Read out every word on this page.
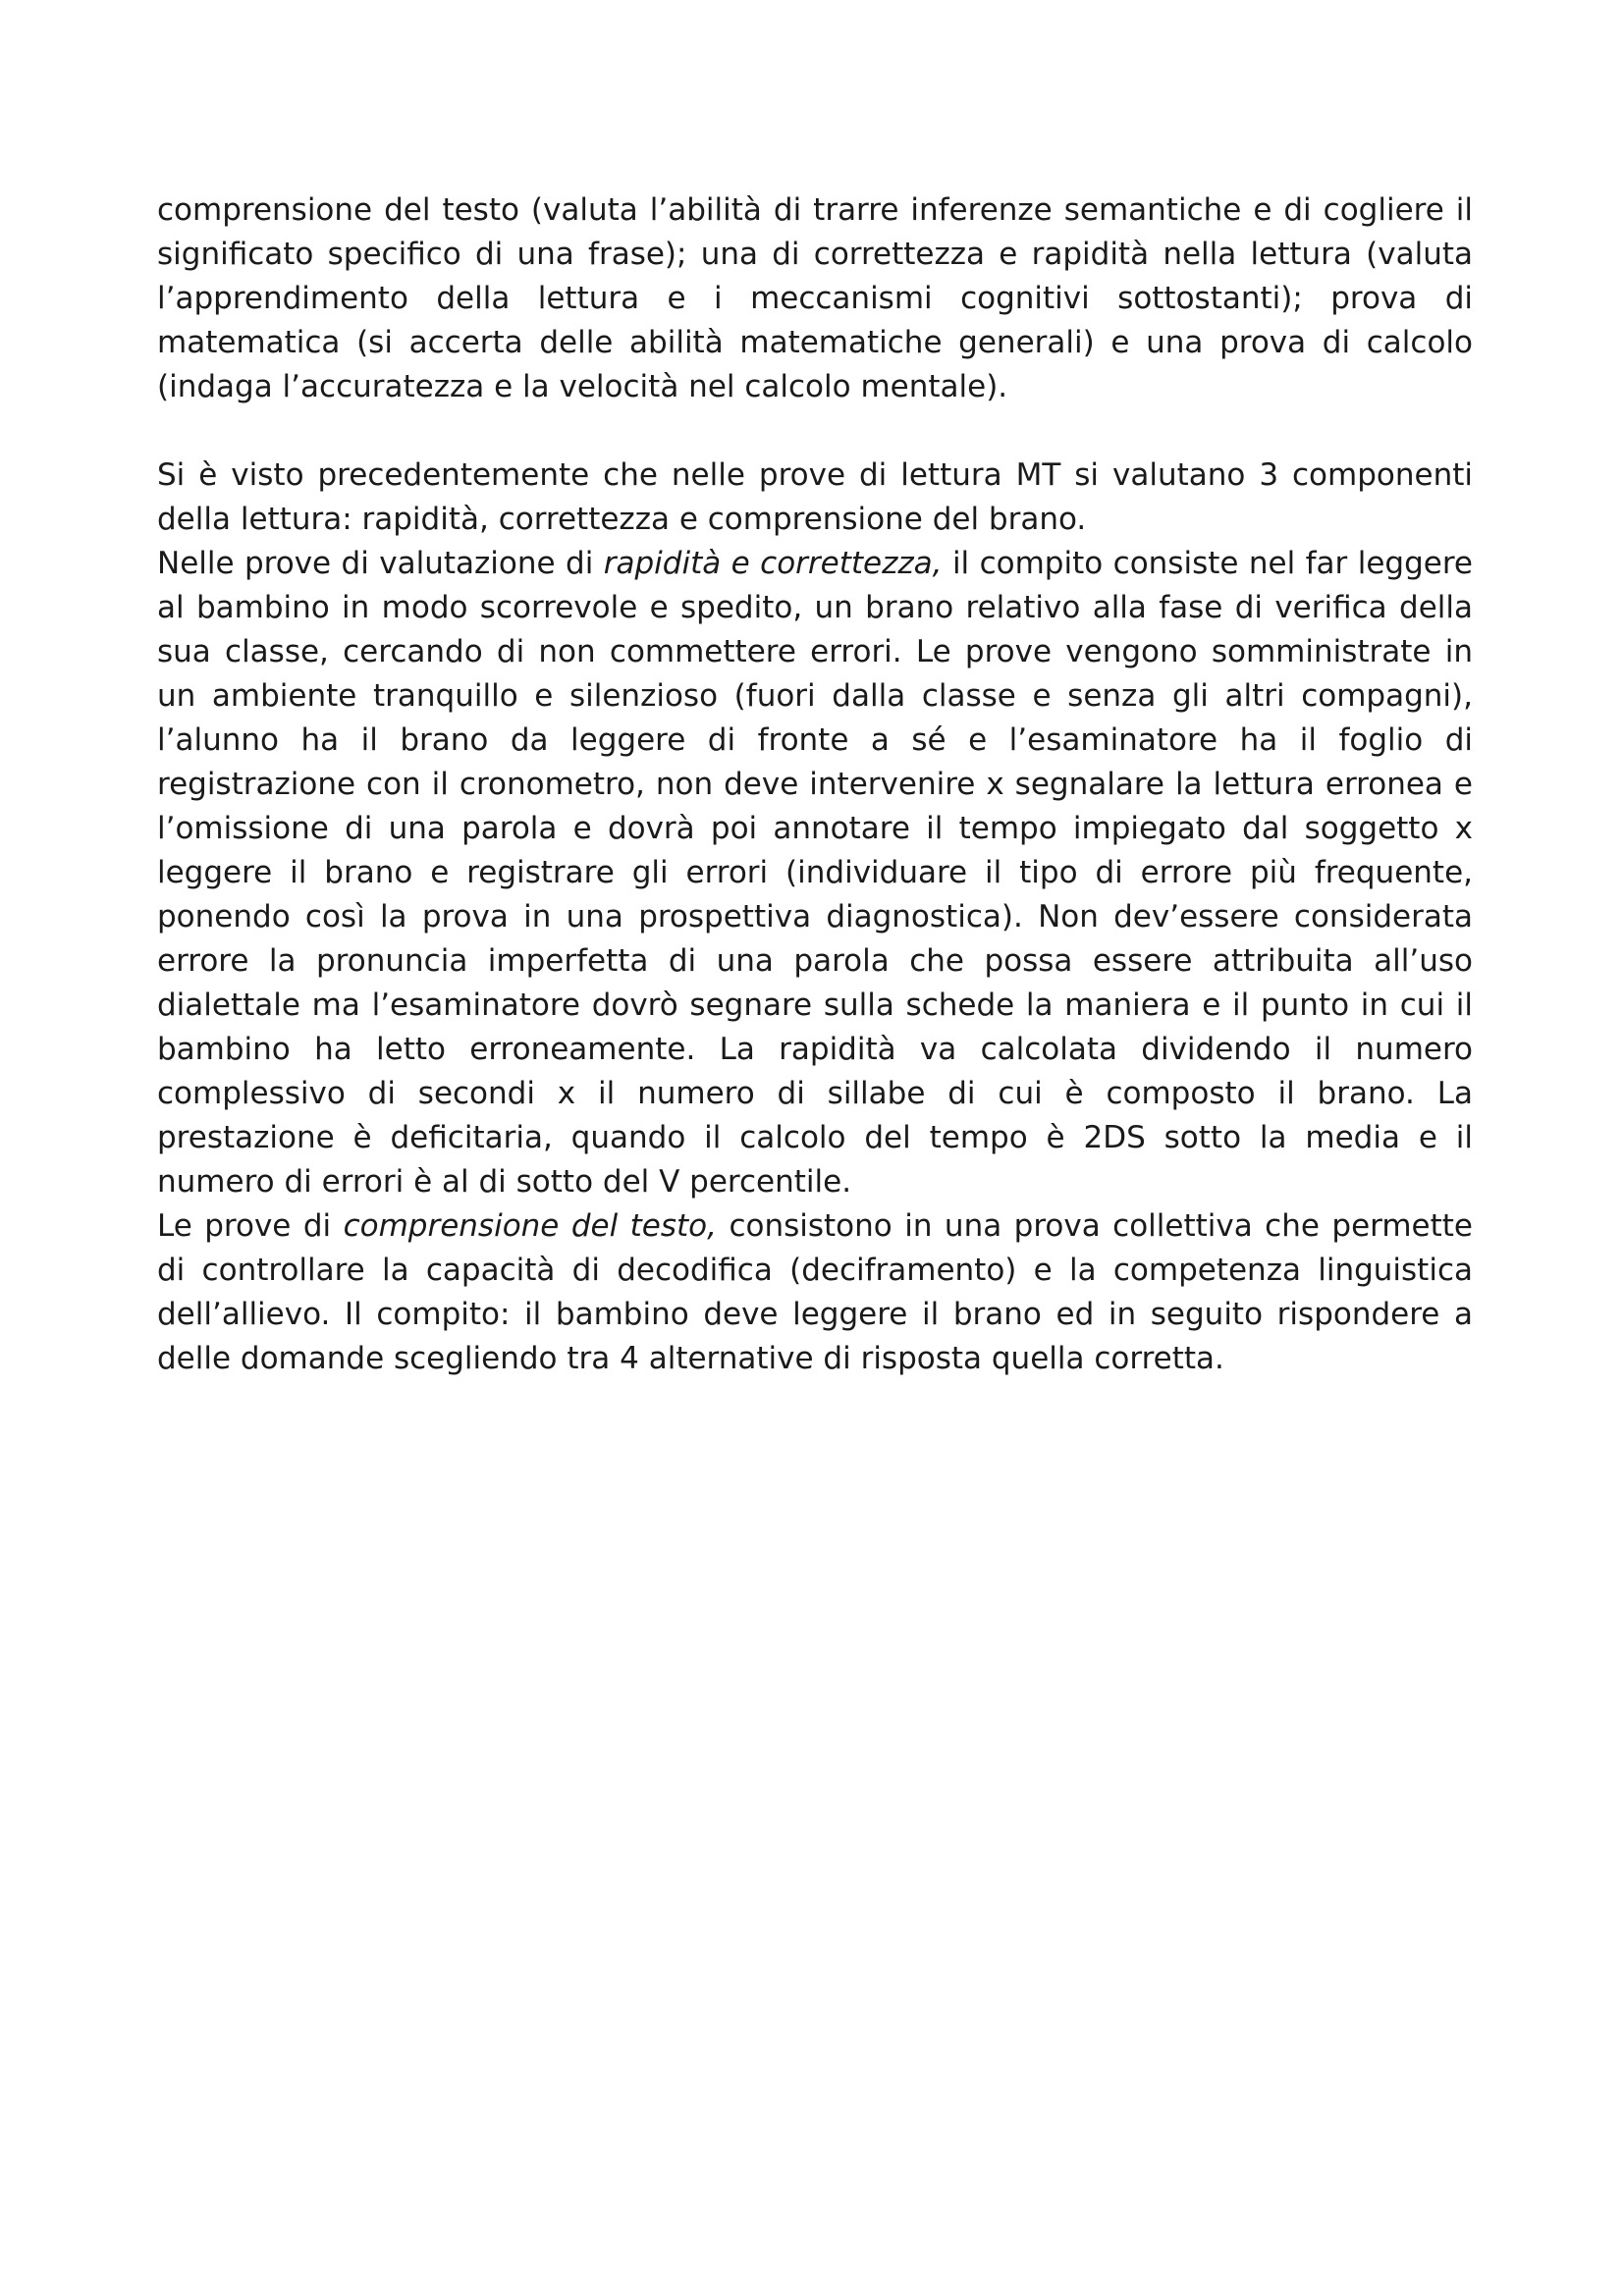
comprensione del testo (valuta l’abilità di trarre inferenze semantiche e di cogliere il significato specifico di una frase); una di correttezza e rapidità nella lettura (valuta l’apprendimento della lettura e i meccanismi cognitivi sottostanti); prova di matematica (si accerta delle abilità matematiche generali) e una prova di calcolo (indaga l’accuratezza e la velocità nel calcolo mentale).

Si è visto precedentemente che nelle prove di lettura MT si valutano 3 componenti della lettura: rapidità, correttezza e comprensione del brano.

Nelle prove di valutazione di rapidità e correttezza, il compito consiste nel far leggere al bambino in modo scorrevole e spedito, un brano relativo alla fase di verifica della sua classe, cercando di non commettere errori. Le prove vengono somministrate in un ambiente tranquillo e silenzioso (fuori dalla classe e senza gli altri compagni), l’alunno ha il brano da leggere di fronte a sé e l’esaminatore ha il foglio di registrazione con il cronometro, non deve intervenire x segnalare la lettura erronea e l’omissione di una parola e dovrà poi annotare il tempo impiegato dal soggetto x leggere il brano e registrare gli errori (individuare il tipo di errore più frequente, ponendo così la prova in una prospettiva diagnostica). Non dev’essere considerata errore la pronuncia imperfetta di una parola che possa essere attribuita all’uso dialettale ma l’esaminatore dovrò segnare sulla schede la maniera e il punto in cui il bambino ha letto erroneamente. La rapidità va calcolata dividendo il numero complessivo di secondi x il numero di sillabe di cui è composto il brano. La prestazione è deficitaria, quando il calcolo del tempo è 2DS sotto la media e il numero di errori è al di sotto del V percentile.

Le prove di comprensione del testo, consistono in una prova collettiva che permette di controllare la capacità di decodifica (deciframento) e la competenza linguistica dell’allievo. Il compito: il bambino deve leggere il brano ed in seguito rispondere a delle domande scegliendo tra 4 alternative di risposta quella corretta.
